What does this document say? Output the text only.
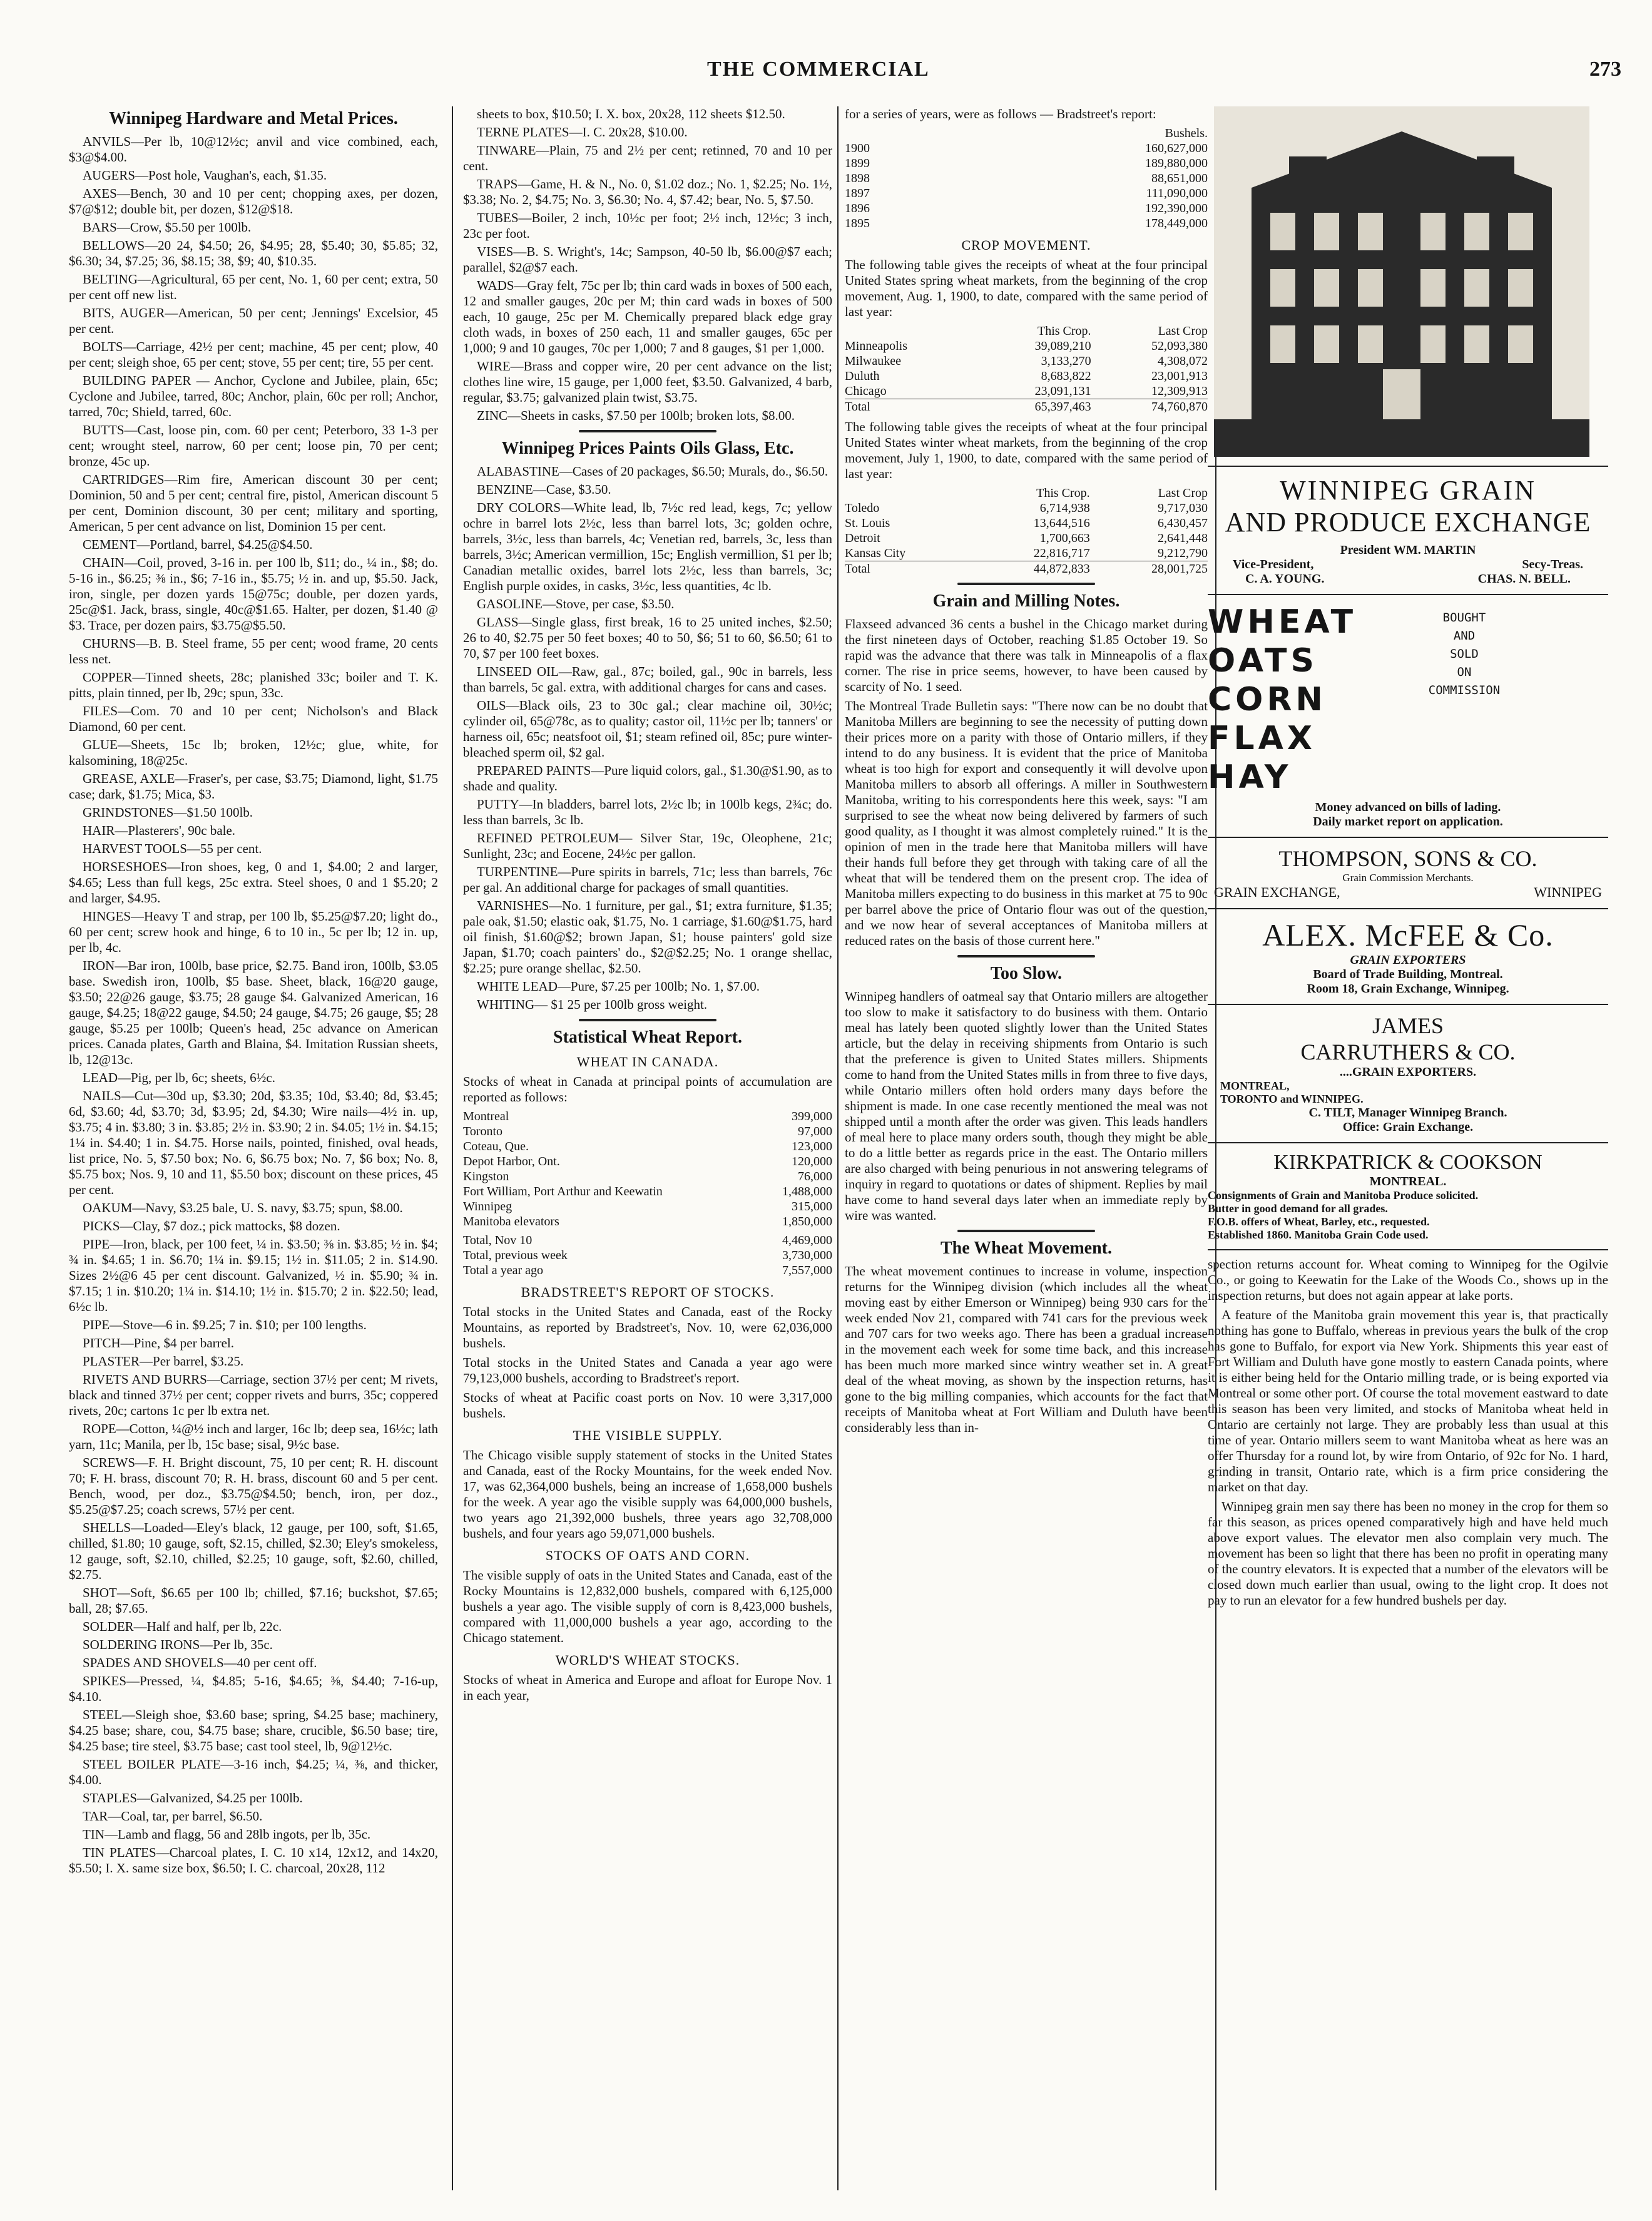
THE COMMERCIAL	273
Winnipeg Hardware and Metal Prices.

ANVILS—Per lb, 10@12½c; anvil and vice combined, each, $3@$4.00.

AUGERS—Post hole, Vaughan's, each, $1.35.

AXES—Bench, 30 and 10 per cent; chopping axes, per dozen, $7@$12; double bit, per dozen, $12@$18.

BARS—Crow, $5.50 per 100lb.

BELLOWS—20 24, $4.50; 26, $4.95; 28, $5.40; 30, $5.85; 32, $6.30; 34, $7.25; 36, $8.15; 38, $9; 40, $10.35.

BELTING—Agricultural, 65 per cent, No. 1, 60 per cent; extra, 50 per cent off new list.

BITS, AUGER—American, 50 per cent; Jennings' Excelsior, 45 per cent.

BOLTS—Carriage, 42½ per cent; machine, 45 per cent; plow, 40 per cent; sleigh shoe, 65 per cent; stove, 55 per cent; tire, 55 per cent.

BUILDING PAPER — Anchor, Cyclone and Jubilee, plain, 65c; Cyclone and Jubilee, tarred, 80c; Anchor, plain, 60c per roll; Anchor, tarred, 70c; Shield, tarred, 60c.

BUTTS—Cast, loose pin, com. 60 per cent; Peterboro, 33 1-3 per cent; wrought steel, narrow, 60 per cent; loose pin, 70 per cent; bronze, 45c up.

CARTRIDGES—Rim fire, American discount 30 per cent; Dominion, 50 and 5 per cent; central fire, pistol, American discount 5 per cent, Dominion discount, 30 per cent; military and sporting, American, 5 per cent advance on list, Dominion 15 per cent.

CEMENT—Portland, barrel, $4.25@$4.50.

CHAIN—Coil, proved, 3-16 in. per 100 lb, $11; do., ¼ in., $8; do. 5-16 in., $6.25; ⅜ in., $6; 7-16 in., $5.75; ½ in. and up, $5.50. Jack, iron, single, per dozen yards 15@75c; double, per dozen yards, 25c@$1. Jack, brass, single, 40c@$1.65. Halter, per dozen, $1.40 @ $3. Trace, per dozen pairs, $3.75@$5.50.

CHURNS—B. B. Steel frame, 55 per cent; wood frame, 20 cents less net.

COPPER—Tinned sheets, 28c; planished 33c; boiler and T. K. pitts, plain tinned, per lb, 29c; spun, 33c.

FILES—Com. 70 and 10 per cent; Nicholson's and Black Diamond, 60 per cent.

GLUE—Sheets, 15c lb; broken, 12½c; glue, white, for kalsomining, 18@25c.

GREASE, AXLE—Fraser's, per case, $3.75; Diamond, light, $1.75 case; dark, $1.75; Mica, $3.

GRINDSTONES—$1.50 100lb.

HAIR—Plasterers', 90c bale.

HARVEST TOOLS—55 per cent.

HORSESHOES—Iron shoes, keg, 0 and 1, $4.00; 2 and larger, $4.65; Less than full kegs, 25c extra. Steel shoes, 0 and 1 $5.20; 2 and larger, $4.95.

HINGES—Heavy T and strap, per 100 lb, $5.25@$7.20; light do., 60 per cent; screw hook and hinge, 6 to 10 in., 5c per lb; 12 in. up, per lb, 4c.

IRON—Bar iron, 100lb, base price, $2.75. Band iron, 100lb, $3.05 base. Swedish iron, 100lb, $5 base. Sheet, black, 16@20 gauge, $3.50; 22@26 gauge, $3.75; 28 gauge $4. Galvanized American, 16 gauge, $4.25; 18@22 gauge, $4.50; 24 gauge, $4.75; 26 gauge, $5; 28 gauge, $5.25 per 100lb; Queen's head, 25c advance on American prices. Canada plates, Garth and Blaina, $4. Imitation Russian sheets, lb, 12@13c.

LEAD—Pig, per lb, 6c; sheets, 6½c.

NAILS—Cut—30d up, $3.30; 20d, $3.35; 10d, $3.40; 8d, $3.45; 6d, $3.60; 4d, $3.70; 3d, $3.95; 2d, $4.30; Wire nails—4½ in. up, $3.75; 4 in. $3.80; 3 in. $3.85; 2½ in. $3.90; 2 in. $4.05; 1½ in. $4.15; 1¼ in. $4.40; 1 in. $4.75. Horse nails, pointed, finished, oval heads, list price, No. 5, $7.50 box; No. 6, $6.75 box; No. 7, $6 box; No. 8, $5.75 box; Nos. 9, 10 and 11, $5.50 box; discount on these prices, 45 per cent.

OAKUM—Navy, $3.25 bale, U. S. navy, $3.75; spun, $8.00.

PICKS—Clay, $7 doz.; pick mattocks, $8 dozen.

PIPE—Iron, black, per 100 feet, ¼ in. $3.50; ⅜ in. $3.85; ½ in. $4; ¾ in. $4.65; 1 in. $6.70; 1¼ in. $9.15; 1½ in. $11.05; 2 in. $14.90. Sizes 2½@6 45 per cent discount. Galvanized, ½ in. $5.90; ¾ in. $7.15; 1 in. $10.20; 1¼ in. $14.10; 1½ in. $15.70; 2 in. $22.50; lead, 6½c lb.

PIPE—Stove—6 in. $9.25; 7 in. $10; per 100 lengths.

PITCH—Pine, $4 per barrel.

PLASTER—Per barrel, $3.25.

RIVETS AND BURRS—Carriage, section 37½ per cent; M rivets, black and tinned 37½ per cent; copper rivets and burrs, 35c; coppered rivets, 20c; cartons 1c per lb extra net.

ROPE—Cotton, ¼@½ inch and larger, 16c lb; deep sea, 16½c; lath yarn, 11c; Manila, per lb, 15c base; sisal, 9½c base.

SCREWS—F. H. Bright discount, 75, 10 per cent; R. H. discount 70; F. H. brass, discount 70; R. H. brass, discount 60 and 5 per cent. Bench, wood, per doz., $3.75@$4.50; bench, iron, per doz., $5.25@$7.25; coach screws, 57½ per cent.

SHELLS—Loaded—Eley's black, 12 gauge, per 100, soft, $1.65, chilled, $1.80; 10 gauge, soft, $2.15, chilled, $2.30; Eley's smokeless, 12 gauge, soft, $2.10, chilled, $2.25; 10 gauge, soft, $2.60, chilled, $2.75.

SHOT—Soft, $6.65 per 100 lb; chilled, $7.16; buckshot, $7.65; ball, 28; $7.65.

SOLDER—Half and half, per lb, 22c.

SOLDERING IRONS—Per lb, 35c.

SPADES AND SHOVELS—40 per cent off.

SPIKES—Pressed, ¼, $4.85; 5-16, $4.65; ⅜, $4.40; 7-16-up, $4.10.

STEEL—Sleigh shoe, $3.60 base; spring, $4.25 base; machinery, $4.25 base; share, cou, $4.75 base; share, crucible, $6.50 base; tire, $4.25 base; tire steel, $3.75 base; cast tool steel, lb, 9@12½c.

STEEL BOILER PLATE—3-16 inch, $4.25; ¼, ⅜, and thicker, $4.00.

STAPLES—Galvanized, $4.25 per 100lb.

TAR—Coal, tar, per barrel, $6.50.

TIN—Lamb and flagg, 56 and 28lb ingots, per lb, 35c.

TIN PLATES—Charcoal plates, I. C. 10 x14, 12x12, and 14x20, $5.50; I. X. same size box, $6.50; I. C. charcoal, 20x28, 112

sheets to box, $10.50; I. X. box, 20x28, 112 sheets $12.50.

TERNE PLATES—I. C. 20x28, $10.00.

TINWARE—Plain, 75 and 2½ per cent; retinned, 70 and 10 per cent.

TRAPS—Game, H. & N., No. 0, $1.02 doz.; No. 1, $2.25; No. 1½, $3.38; No. 2, $4.75; No. 3, $6.30; No. 4, $7.42; bear, No. 5, $7.50.

TUBES—Boiler, 2 inch, 10½c per foot; 2½ inch, 12½c; 3 inch, 23c per foot.

VISES—B. S. Wright's, 14c; Sampson, 40-50 lb, $6.00@$7 each; parallel, $2@$7 each.

WADS—Gray felt, 75c per lb; thin card wads in boxes of 500 each, 12 and smaller gauges, 20c per M; thin card wads in boxes of 500 each, 10 gauge, 25c per M. Chemically prepared black edge gray cloth wads, in boxes of 250 each, 11 and smaller gauges, 65c per 1,000; 9 and 10 gauges, 70c per 1,000; 7 and 8 gauges, $1 per 1,000.

WIRE—Brass and copper wire, 20 per cent advance on the list; clothes line wire, 15 gauge, per 1,000 feet, $3.50. Galvanized, 4 barb, regular, $3.75; galvanized plain twist, $3.75.

ZINC—Sheets in casks, $7.50 per 100lb; broken lots, $8.00.

Winnipeg Prices Paints Oils Glass, Etc.

ALABASTINE—Cases of 20 packages, $6.50; Murals, do., $6.50.

BENZINE—Case, $3.50.

DRY COLORS—White lead, lb, 7½c red lead, kegs, 7c; yellow ochre in barrel lots 2½c, less than barrel lots, 3c; golden ochre, barrels, 3½c, less than barrels, 4c; Venetian red, barrels, 3c, less than barrels, 3½c; American vermillion, 15c; English vermillion, $1 per lb; Canadian metallic oxides, barrel lots 2½c, less than barrels, 3c; English purple oxides, in casks, 3½c, less quantities, 4c lb.

GASOLINE—Stove, per case, $3.50.

GLASS—Single glass, first break, 16 to 25 united inches, $2.50; 26 to 40, $2.75 per 50 feet boxes; 40 to 50, $6; 51 to 60, $6.50; 61 to 70, $7 per 100 feet boxes.

LINSEED OIL—Raw, gal., 87c; boiled, gal., 90c in barrels, less than barrels, 5c gal. extra, with additional charges for cans and cases.

OILS—Black oils, 23 to 30c gal.; clear machine oil, 30½c; cylinder oil, 65@78c, as to quality; castor oil, 11½c per lb; tanners' or harness oil, 65c; neatsfoot oil, $1; steam refined oil, 85c; pure winter-bleached sperm oil, $2 gal.

PREPARED PAINTS—Pure liquid colors, gal., $1.30@$1.90, as to shade and quality.

PUTTY—In bladders, barrel lots, 2½c lb; in 100lb kegs, 2¾c; do. less than barrels, 3c lb.

REFINED PETROLEUM— Silver Star, 19c, Oleophene, 21c; Sunlight, 23c; and Eocene, 24½c per gallon.

TURPENTINE—Pure spirits in barrels, 71c; less than barrels, 76c per gal. An additional charge for packages of small quantities.

VARNISHES—No. 1 furniture, per gal., $1; extra furniture, $1.35; pale oak, $1.50; elastic oak, $1.75, No. 1 carriage, $1.60@$1.75, hard oil finish, $1.60@$2; brown Japan, $1; house painters' gold size Japan, $1.70; coach painters' do., $2@$2.25; No. 1 orange shellac, $2.25; pure orange shellac, $2.50.

WHITE LEAD—Pure, $7.25 per 100lb; No. 1, $7.00.

WHITING— $1 25 per 100lb gross weight.

Statistical Wheat Report.
WHEAT IN CANADA.

Stocks of wheat in Canada at principal points of accumulation are reported as follows:

Montreal	399,000
Toronto	97,000
Coteau, Que.	123,000
Depot Harbor, Ont.	120,000
Kingston	76,000
Fort William, Port Arthur and Keewatin	1,488,000
Winnipeg	315,000
Manitoba elevators	1,850,000
Total, Nov 10	4,469,000
Total, previous week	3,730,000
Total a year ago	7,557,000
BRADSTREET'S REPORT OF STOCKS.

Total stocks in the United States and Canada, east of the Rocky Mountains, as reported by Bradstreet's, Nov. 10, were 62,036,000 bushels.

Total stocks in the United States and Canada a year ago were 79,123,000 bushels, according to Bradstreet's report.

Stocks of wheat at Pacific coast ports on Nov. 10 were 3,317,000 bushels.

THE VISIBLE SUPPLY.

The Chicago visible supply statement of stocks in the United States and Canada, east of the Rocky Mountains, for the week ended Nov. 17, was 62,364,000 bushels, being an increase of 1,658,000 bushels for the week. A year ago the visible supply was 64,000,000 bushels, two years ago 21,392,000 bushels, three years ago 32,708,000 bushels, and four years ago 59,071,000 bushels.

STOCKS OF OATS AND CORN.

The visible supply of oats in the United States and Canada, east of the Rocky Mountains is 12,832,000 bushels, compared with 6,125,000 bushels a year ago. The visible supply of corn is 8,423,000 bushels, compared with 11,000,000 bushels a year ago, according to the Chicago statement.

WORLD'S WHEAT STOCKS.

Stocks of wheat in America and Europe and afloat for Europe Nov. 1 in each year,

for a series of years, were as follows — Bradstreet's report:

	Bushels.
1900	160,627,000
1899	189,880,000
1898	88,651,000
1897	111,090,000
1896	192,390,000
1895	178,449,000
CROP MOVEMENT.

The following table gives the receipts of wheat at the four principal United States spring wheat markets, from the beginning of the crop movement, Aug. 1, 1900, to date, compared with the same period of last year:

	This Crop.	Last Crop
Minneapolis	39,089,210	52,093,380
Milwaukee	3,133,270	4,308,072
Duluth	8,683,822	23,001,913
Chicago	23,091,131	12,309,913
Total	65,397,463	74,760,870

The following table gives the receipts of wheat at the four principal United States winter wheat markets, from the beginning of the crop movement, July 1, 1900, to date, compared with the same period of last year:

	This Crop.	Last Crop
Toledo	6,714,938	9,717,030
St. Louis	13,644,516	6,430,457
Detroit	1,700,663	2,641,448
Kansas City	22,816,717	9,212,790
Total	44,872,833	28,001,725
Grain and Milling Notes.

Flaxseed advanced 36 cents a bushel in the Chicago market during the first nineteen days of October, reaching $1.85 October 19. So rapid was the advance that there was talk in Minneapolis of a flax corner. The rise in price seems, however, to have been caused by scarcity of No. 1 seed.

The Montreal Trade Bulletin says: "There now can be no doubt that Manitoba Millers are beginning to see the necessity of putting down their prices more on a parity with those of Ontario millers, if they intend to do any business. It is evident that the price of Manitoba wheat is too high for export and consequently it will devolve upon Manitoba millers to absorb all offerings. A miller in Southwestern Manitoba, writing to his correspondents here this week, says: "I am surprised to see the wheat now being delivered by farmers of such good quality, as I thought it was almost completely ruined." It is the opinion of men in the trade here that Manitoba millers will have their hands full before they get through with taking care of all the wheat that will be tendered them on the present crop. The idea of Manitoba millers expecting to do business in this market at 75 to 90c per barrel above the price of Ontario flour was out of the question, and we now hear of several acceptances of Manitoba millers at reduced rates on the basis of those current here."

Too Slow.

Winnipeg handlers of oatmeal say that Ontario millers are altogether too slow to make it satisfactory to do business with them. Ontario meal has lately been quoted slightly lower than the United States article, but the delay in receiving shipments from Ontario is such that the preference is given to United States millers. Shipments come to hand from the United States mills in from three to five days, while Ontario millers often hold orders many days before the shipment is made. In one case recently mentioned the meal was not shipped until a month after the order was given. This leads handlers of meal here to place many orders south, though they might be able to do a little better as regards price in the east. The Ontario millers are also charged with being penurious in not answering telegrams of inquiry in regard to quotations or dates of shipment. Replies by mail have come to hand several days later when an immediate reply by wire was wanted.

The Wheat Movement.

The wheat movement continues to increase in volume, inspection returns for the Winnipeg division (which includes all the wheat moving east by either Emerson or Winnipeg) being 930 cars for the week ended Nov 21, compared with 741 cars for the previous week and 707 cars for two weeks ago. There has been a gradual increase in the movement each week for some time back, and this increase has been much more marked since wintry weather set in. A great deal of the wheat moving, as shown by the inspection returns, has gone to the big milling companies, which accounts for the fact that receipts of Manitoba wheat at Fort William and Duluth have been considerably less than in-

WINNIPEG GRAIN
AND PRODUCE EXCHANGE
President WM. MARTIN
Vice-President,	Secy-Treas.
C. A. YOUNG.	CHAS. N. BELL.
WHEAT
OATS
CORN
FLAX
HAY
BOUGHT
AND
SOLD
ON
COMMISSION
Money advanced on bills of lading.
Daily market report on application.
THOMPSON, SONS & CO.
Grain Commission Merchants.
GRAIN EXCHANGE,	WINNIPEG
ALEX. McFEE & Co.
GRAIN EXPORTERS
Board of Trade Building, Montreal.
Room 18, Grain Exchange, Winnipeg.
JAMES
CARRUTHERS & CO.
....GRAIN EXPORTERS.
MONTREAL,
TORONTO and WINNIPEG.
C. TILT, Manager Winnipeg Branch.
Office: Grain Exchange.
KIRKPATRICK & COOKSON
MONTREAL.
Consignments of Grain and Manitoba Produce solicited.
Butter in good demand for all grades.
F.O.B. offers of Wheat, Barley, etc., requested.
Established 1860. Manitoba Grain Code used.

spection returns account for. Wheat coming to Winnipeg for the Ogilvie Co., or going to Keewatin for the Lake of the Woods Co., shows up in the inspection returns, but does not again appear at lake ports.

A feature of the Manitoba grain movement this year is, that practically nothing has gone to Buffalo, whereas in previous years the bulk of the crop has gone to Buffalo, for export via New York. Shipments this year east of Fort William and Duluth have gone mostly to eastern Canada points, where it is either being held for the Ontario milling trade, or is being exported via Montreal or some other port. Of course the total movement eastward to date this season has been very limited, and stocks of Manitoba wheat held in Ontario are certainly not large. They are probably less than usual at this time of year. Ontario millers seem to want Manitoba wheat as here was an offer Thursday for a round lot, by wire from Ontario, of 92c for No. 1 hard, grinding in transit, Ontario rate, which is a firm price considering the market on that day.

Winnipeg grain men say there has been no money in the crop for them so far this season, as prices opened comparatively high and have held much above export values. The elevator men also complain very much. The movement has been so light that there has been no profit in operating many of the country elevators. It is expected that a number of the elevators will be closed down much earlier than usual, owing to the light crop. It does not pay to run an elevator for a few hundred bushels per day.
